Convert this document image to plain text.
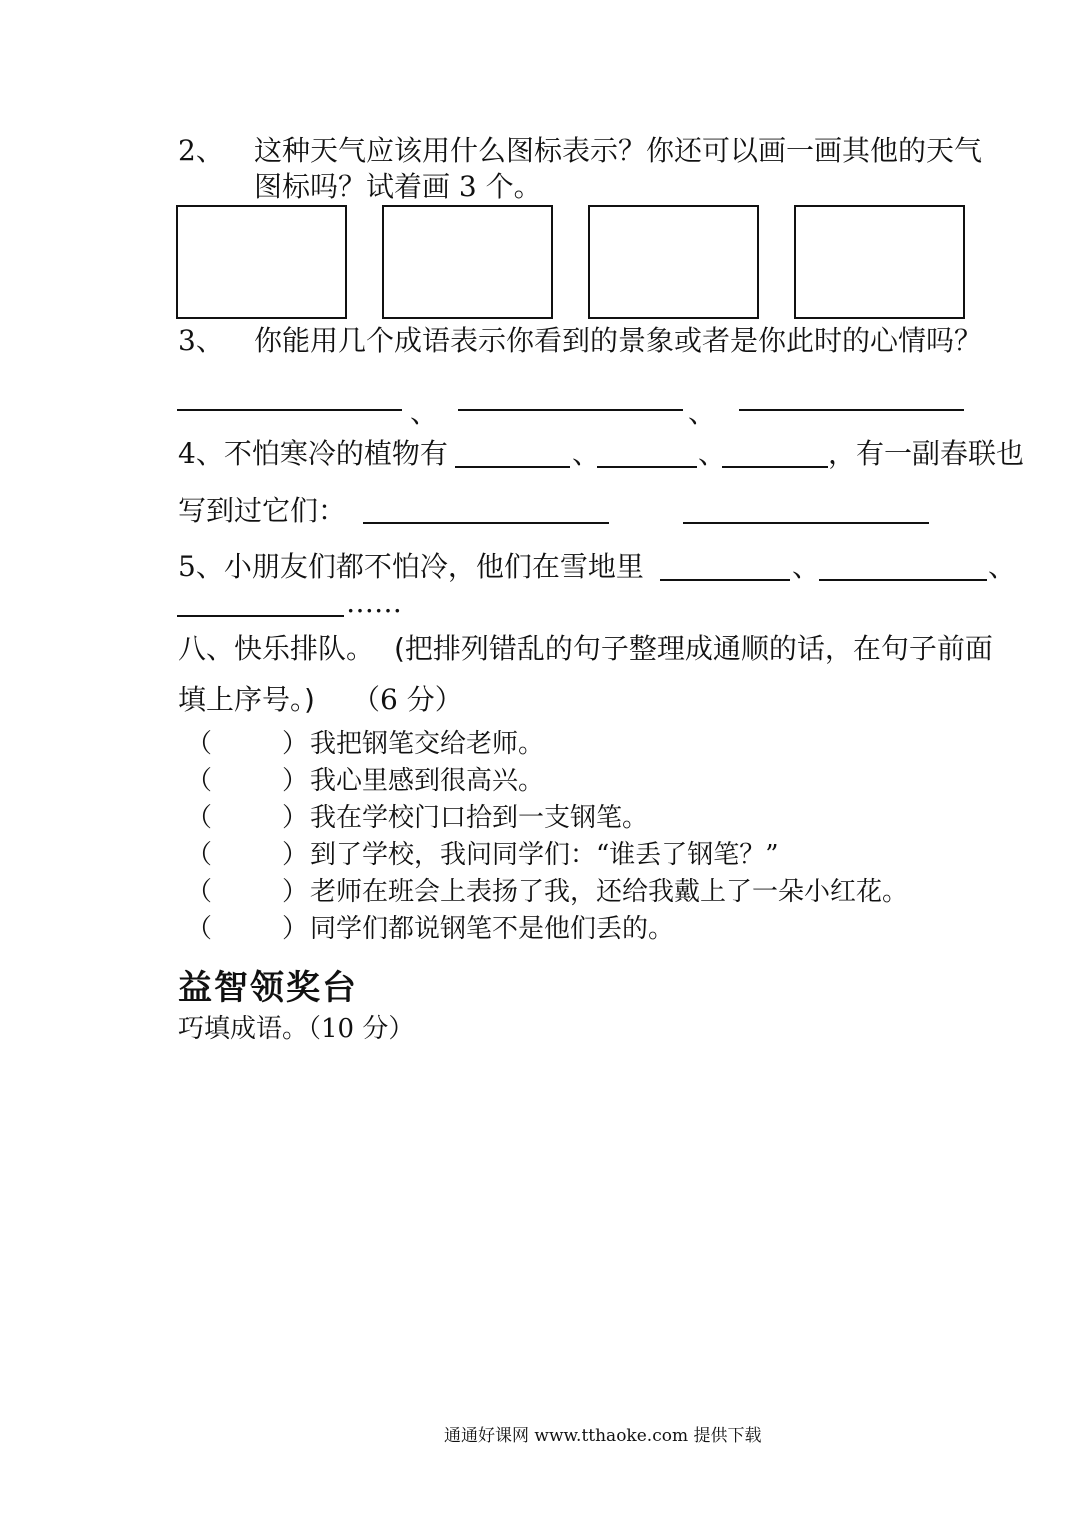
2、 这种天气应该用什么图标表示？你还可以画一画其他的天气
图标吗？试着画 3 个。
3、 你能用几个成语表示你看到的景象或者是你此时的心情吗？
、	、
4、不怕寒冷的植物有	、	、	，有一副春联也
写到过它们：
5、小朋友们都不怕冷，他们在雪地里	、	、
……
八、快乐排队。 (把排列错乱的句子整理成通顺的话，在句子前面
填上序号。) （6 分）
（	） 我把钢笔交给老师。
（	） 我心里感到很高兴。
（	） 我在学校门口拾到一支钢笔。
（	） 到了学校，我问同学们：“谁丢了钢笔？”
（	） 老师在班会上表扬了我，还给我戴上了一朵小红花。
（	） 同学们都说钢笔不是他们丢的。
益智领奖台
巧填成语。（10 分）
通通好课网 www.tthaoke.com 提供下载
